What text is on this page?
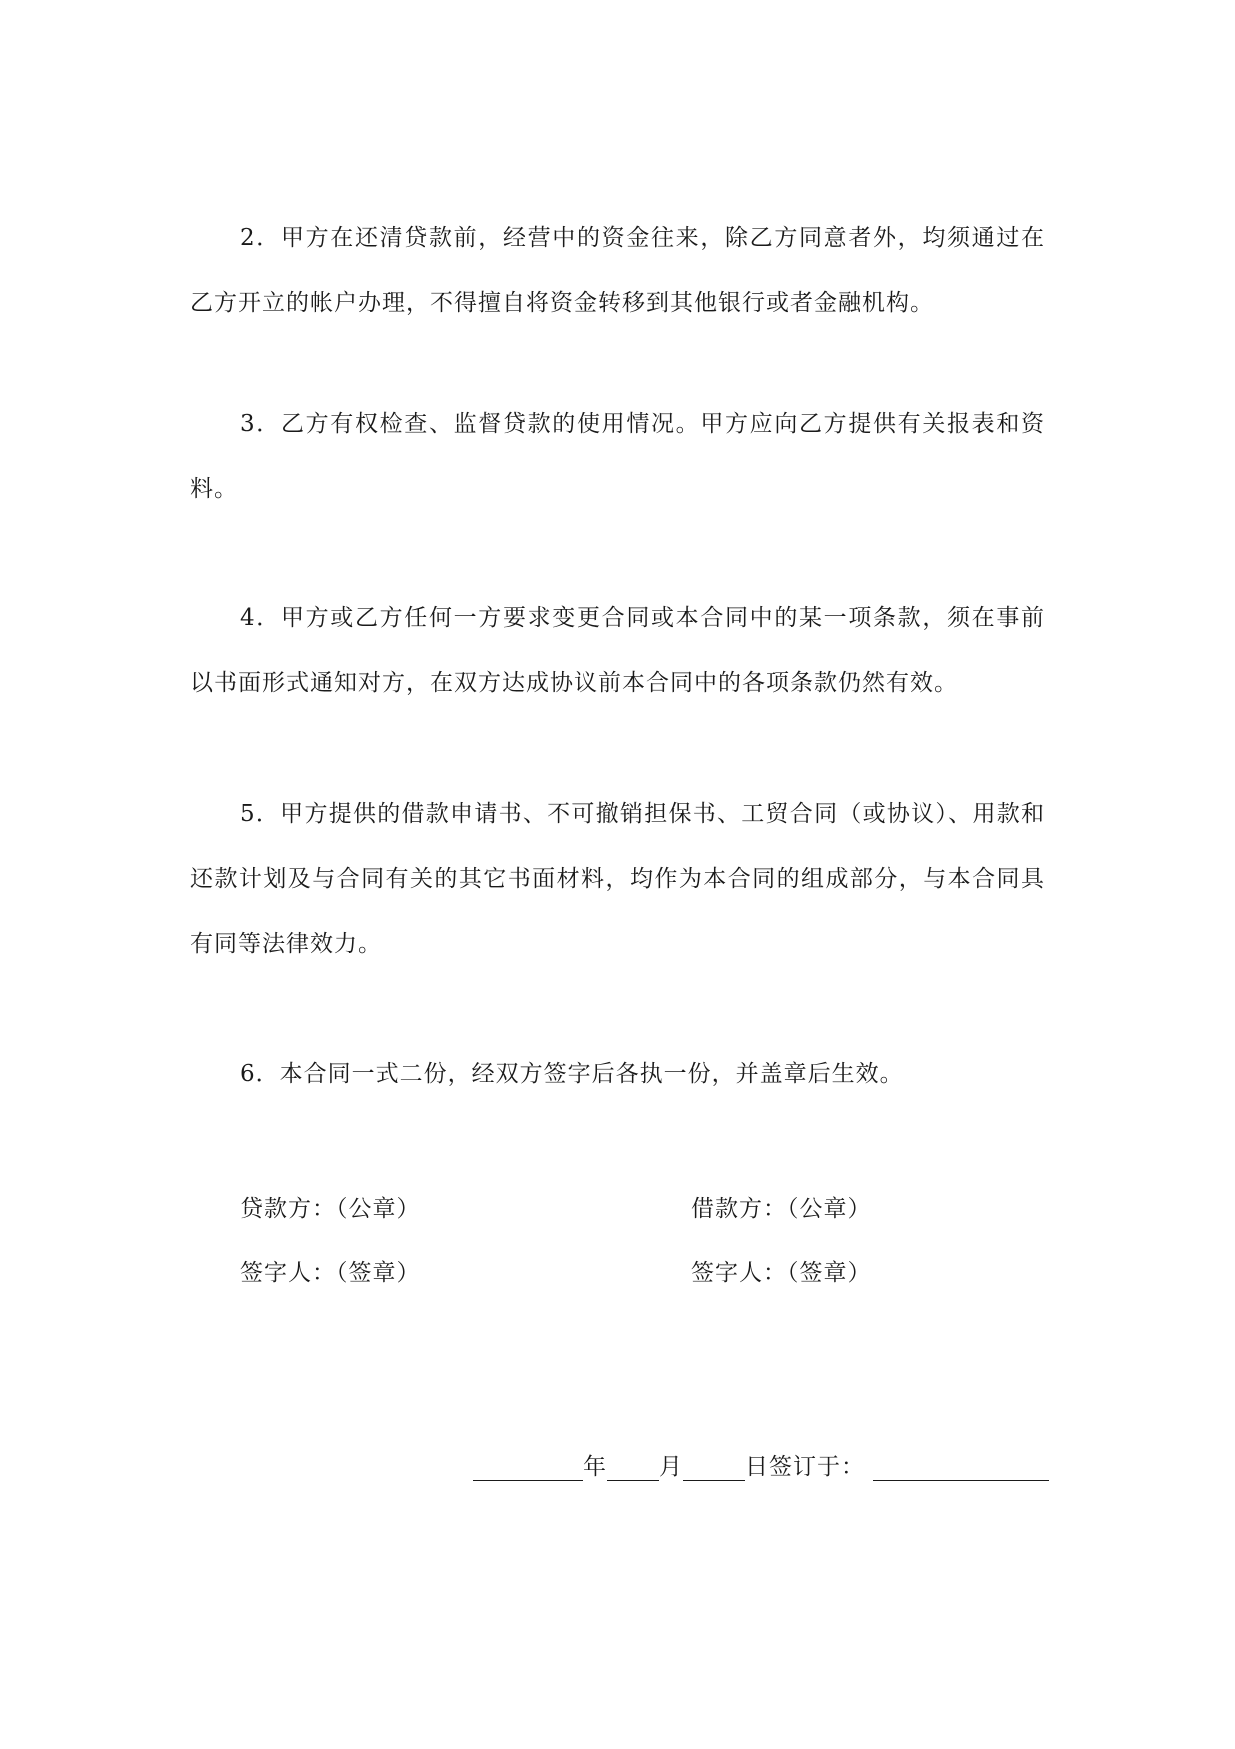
2．甲方在还清贷款前，经营中的资金往来，除乙方同意者外，均须通过在乙方开立的帐户办理，不得擅自将资金转移到其他银行或者金融机构。

3．乙方有权检查、监督贷款的使用情况。甲方应向乙方提供有关报表和资料。

4．甲方或乙方任何一方要求变更合同或本合同中的某一项条款，须在事前以书面形式通知对方，在双方达成协议前本合同中的各项条款仍然有效。

5．甲方提供的借款申请书、不可撤销担保书、工贸合同（或协议）、用款和还款计划及与合同有关的其它书面材料，均作为本合同的组成部分，与本合同具有同等法律效力。

6．本合同一式二份，经双方签字后各执一份，并盖章后生效。

贷款方：（公章）
签字人：（签章）
借款方：（公章）
签字人：（签章）
年 月	日签订于：
